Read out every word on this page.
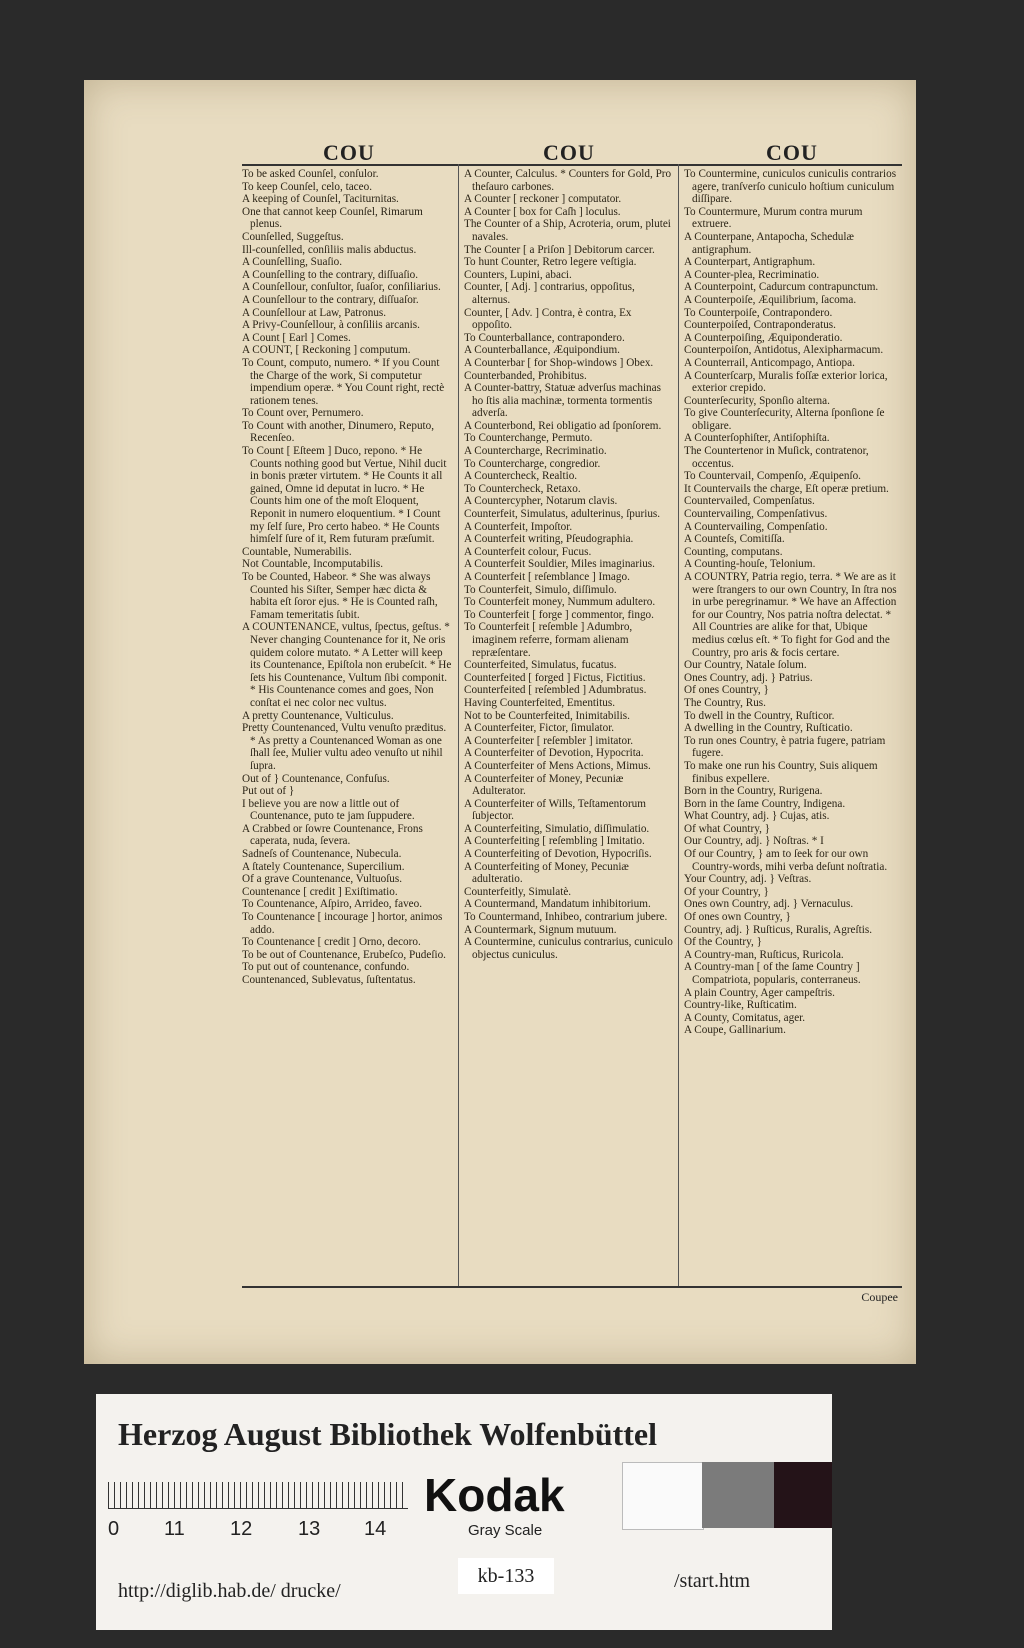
COU	COU	COU

To be asked Counſel, conſulor.

To keep Counſel, celo, taceo.

A keeping of Counſel, Taciturnitas.

One that cannot keep Counſel, Rimarum plenus.

Counſelled, Suggeſtus.

Ill-counſelled, conſiliis malis abductus.

A Counſelling, Suaſio.

A Counſelling to the contrary, diſſuaſio.

A Counſellour, conſultor, ſuaſor, conſiliarius.

A Counſellour to the contrary, diſſuaſor.

A Counſellour at Law, Patronus.

A Privy-Counſellour, à conſiliis arcanis.

A Count [ Earl ] Comes.

A COUNT, [ Reckoning ] computum.

To Count, computo, numero. * If you Count the Charge of the work, Si computetur impendium operæ. * You Count right, rectè rationem tenes.

To Count over, Pernumero.

To Count with another, Dinumero, Reputo, Recenſeo.

To Count [ Eſteem ] Duco, repono. * He Counts nothing good but Vertue, Nihil ducit in bonis præter virtutem. * He Counts it all gained, Omne id deputat in lucro. * He Counts him one of the moſt Eloquent, Reponit in numero eloquentium. * I Count my ſelf ſure, Pro certo habeo. * He Counts himſelf ſure of it, Rem futuram præſumit.

Countable, Numerabilis.

Not Countable, Incomputabilis.

To be Counted, Habeor. * She was always Counted his Siſter, Semper hæc dicta & habita eſt ſoror ejus. * He is Counted raſh, Famam temeritatis ſubit.

A COUNTENANCE, vultus, ſpectus, geſtus. * Never changing Countenance for it, Ne oris quidem colore mutato. * A Letter will keep its Countenance, Epiſtola non erubeſcit. * He ſets his Countenance, Vultum ſibi componit. * His Countenance comes and goes, Non conſtat ei nec color nec vultus.

A pretty Countenance, Vulticulus.

Pretty Countenanced, Vultu venuſto præditus. * As pretty a Countenanced Woman as one ſhall ſee, Mulier vultu adeo venuſto ut nihil ſupra.

Out of } Countenance, Confuſus.

Put out of }

I believe you are now a little out of Countenance, puto te jam ſuppudere.

A Crabbed or ſowre Countenance, Frons caperata, nuda, ſevera.

Sadneſs of Countenance, Nubecula.

A ſtately Countenance, Supercilium.

Of a grave Countenance, Vultuoſus.

Countenance [ credit ] Exiſtimatio.

To Countenance, Aſpiro, Arrideo, faveo.

To Countenance [ incourage ] hortor, animos addo.

To Countenance [ credit ] Orno, decoro.

To be out of Countenance, Erubeſco, Pudeſio.

To put out of countenance, confundo.

Countenanced, Sublevatus, ſuſtentatus.

A Counter, Calculus. * Counters for Gold, Pro theſauro carbones.

A Counter [ reckoner ] computator.

A Counter [ box for Caſh ] loculus.

The Counter of a Ship, Acroteria, orum, plutei navales.

The Counter [ a Priſon ] Debitorum carcer.

To hunt Counter, Retro legere veſtigia.

Counters, Lupini, abaci.

Counter, [ Adj. ] contrarius, oppoſitus, alternus.

Counter, [ Adv. ] Contra, è contra, Ex oppoſito.

To Counterballance, contrapondero.

A Counterballance, Æquipondium.

A Counterbar [ for Shop-windows ] Obex.

Counterbanded, Prohibitus.

A Counter-battry, Statuæ adverſus machinas ho ſtis alia machinæ, tormenta tormentis adverſa.

A Counterbond, Rei obligatio ad ſponſorem.

To Counterchange, Permuto.

A Countercharge, Recriminatio.

To Countercharge, congredior.

A Countercheck, Realtio.

To Countercheck, Retaxo.

A Countercypher, Notarum clavis.

Counterfeit, Simulatus, adulterinus, ſpurius.

A Counterfeit, Impoſtor.

A Counterfeit writing, Pſeudographia.

A Counterfeit colour, Fucus.

A Counterfeit Souldier, Miles imaginarius.

A Counterfeit [ reſemblance ] Imago.

To Counterfeit, Simulo, diſſimulo.

To Counterfeit money, Nummum adultero.

To Counterfeit [ forge ] commentor, fingo.

To Counterfeit [ reſemble ] Adumbro, imaginem referre, formam alienam repræſentare.

Counterfeited, Simulatus, fucatus.

Counterfeited [ forged ] Fictus, Fictitius.

Counterfeited [ reſembled ] Adumbratus.

Having Counterfeited, Ementitus.

Not to be Counterfeited, Inimitabilis.

A Counterfeiter, Fictor, ſimulator.

A Counterfeiter [ reſembler ] imitator.

A Counterfeiter of Devotion, Hypocrita.

A Counterfeiter of Mens Actions, Mimus.

A Counterfeiter of Money, Pecuniæ Adulterator.

A Counterfeiter of Wills, Teſtamentorum ſubjector.

A Counterfeiting, Simulatio, diſſimulatio.

A Counterfeiting [ reſembling ] Imitatio.

A Counterfeiting of Devotion, Hypocriſis.

A Counterfeiting of Money, Pecuniæ adulteratio.

Counterfeitly, Simulatè.

A Countermand, Mandatum inhibitorium.

To Countermand, Inhibeo, contrarium jubere.

A Countermark, Signum mutuum.

A Countermine, cuniculus contrarius, cuniculo objectus cuniculus.

To Countermine, cuniculos cuniculis contrarios agere, tranſverſo cuniculo hoſtium cuniculum diſſipare.

To Countermure, Murum contra murum extruere.

A Counterpane, Antapocha, Schedulæ antigraphum.

A Counterpart, Antigraphum.

A Counter-plea, Recriminatio.

A Counterpoint, Cadurcum contrapunctum.

A Counterpoiſe, Æquilibrium, ſacoma.

To Counterpoiſe, Contrapondero.

Counterpoiſed, Contraponderatus.

A Counterpoiſing, Æquiponderatio.

Counterpoiſon, Antidotus, Alexipharmacum.

A Counterrail, Anticompago, Antiopa.

A Counterſcarp, Muralis foſſæ exterior lorica, exterior crepido.

Counterſecurity, Sponſio alterna.

To give Counterſecurity, Alterna ſponſione ſe obligare.

A Counterſophiſter, Antiſophiſta.

The Countertenor in Muſick, contratenor, occentus.

To Countervail, Compenſo, Æquipenſo.

It Countervails the charge, Eſt operæ pretium.

Countervailed, Compenſatus.

Countervailing, Compenſativus.

A Countervailing, Compenſatio.

A Counteſs, Comitiſſa.

Counting, computans.

A Counting-houſe, Telonium.

A COUNTRY, Patria regio, terra. * We are as it were ſtrangers to our own Country, In ſtra nos in urbe peregrinamur. * We have an Affection for our Country, Nos patria noſtra delectat. * All Countries are alike for that, Ubique medius cœlus eſt. * To fight for God and the Country, pro aris & focis certare.

Our Country, Natale ſolum.

Ones Country, adj. } Patrius.

Of ones Country, }

The Country, Rus.

To dwell in the Country, Ruſticor.

A dwelling in the Country, Ruſticatio.

To run ones Country, è patria fugere, patriam fugere.

To make one run his Country, Suis aliquem finibus expellere.

Born in the Country, Rurigena.

Born in the ſame Country, Indigena.

What Country, adj. } Cujas, atis.

Of what Country, }

Our Country, adj. } Noſtras. * I

Of our Country, } am to ſeek for our own Country-words, mihi verba deſunt noſtratia.

Your Country, adj. } Veſtras.

Of your Country, }

Ones own Country, adj. } Vernaculus.

Of ones own Country, }

Country, adj. } Ruſticus, Ruralis, Agreſtis.

Of the Country, }

A Country-man, Ruſticus, Ruricola.

A Country-man [ of the ſame Country ] Compatriota, popularis, conterraneus.

A plain Country, Ager campeſtris.

Country-like, Ruſticatim.

A County, Comitatus, ager.

A Coupe, Gallinarium.

Coupee
Herzog August Bibliothek Wolfenbüttel
0 11 12 13 14
Kodak
Gray Scale
http://diglib.hab.de/ drucke/
kb-133	/start.htm
